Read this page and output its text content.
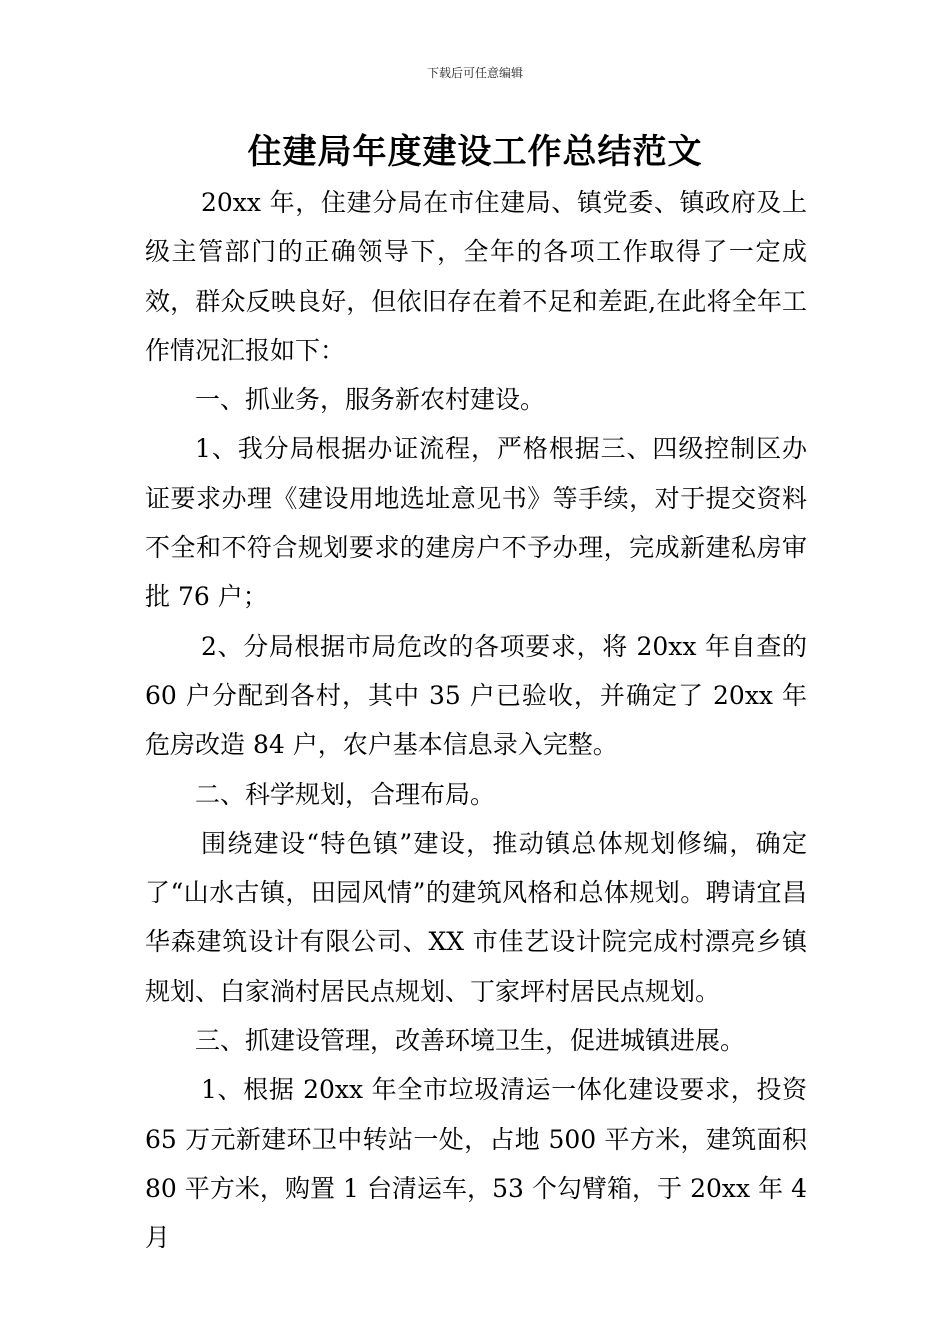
下载后可任意编辑
住建局年度建设工作总结范文

20xx 年，住建分局在市住建局、镇党委、镇政府及上级主管部门的正确领导下，全年的各项工作取得了一定成效，群众反映良好，但依旧存在着不足和差距,在此将全年工作情况汇报如下：

一、抓业务，服务新农村建设。

1、我分局根据办证流程，严格根据三、四级控制区办证要求办理《建设用地选址意见书》等手续，对于提交资料不全和不符合规划要求的建房户不予办理，完成新建私房审批 76 户；

2、分局根据市局危改的各项要求，将 20xx 年自查的 60 户分配到各村，其中 35 户已验收，并确定了 20xx 年危房改造 84 户，农户基本信息录入完整。

二、科学规划，合理布局。

围绕建设“特色镇”建设，推动镇总体规划修编，确定了“山水古镇，田园风情”的建筑风格和总体规划。聘请宜昌华森建筑设计有限公司、XX 市佳艺设计院完成村漂亮乡镇规划、白家淌村居民点规划、丁家坪村居民点规划。

三、抓建设管理，改善环境卫生，促进城镇进展。

1、根据 20xx 年全市垃圾清运一体化建设要求，投资 65 万元新建环卫中转站一处，占地 500 平方米，建筑面积 80 平方米，购置 1 台清运车，53 个勾臂箱，于 20xx 年 4 月
